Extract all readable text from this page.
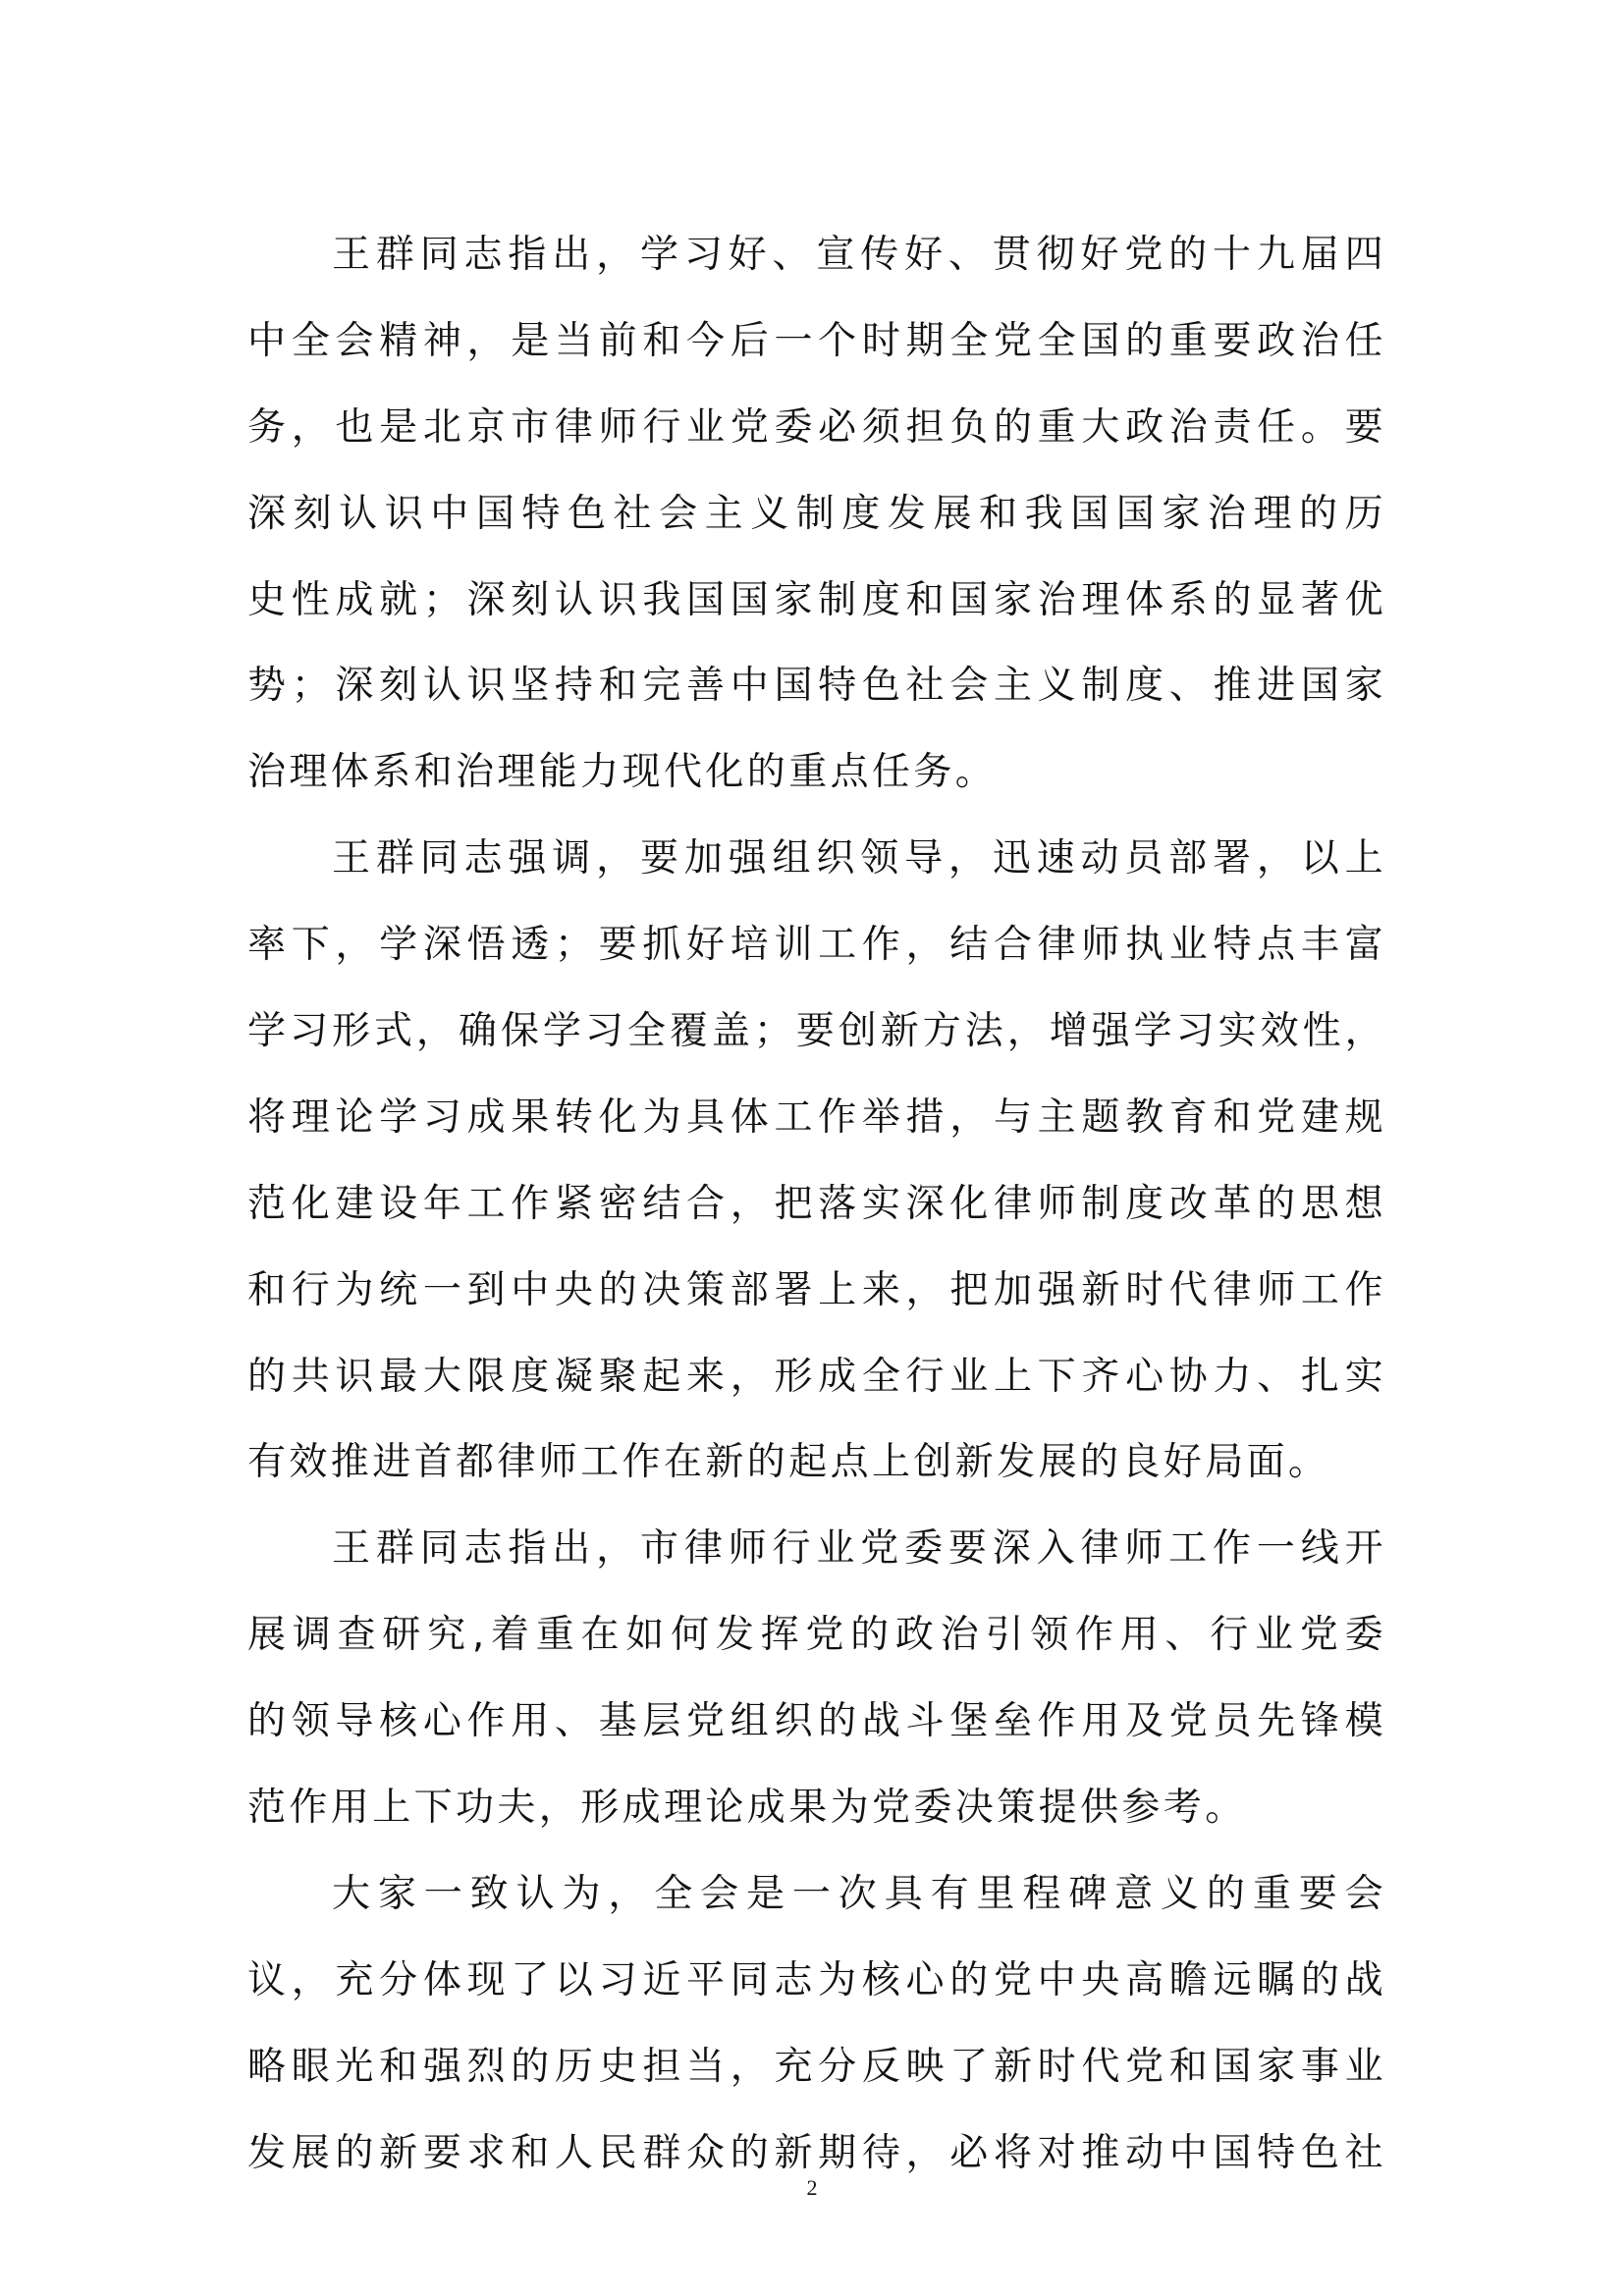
王群同志指出，学习好、宣传好、贯彻好党的十九届四
中全会精神，是当前和今后一个时期全党全国的重要政治任
务，也是北京市律师行业党委必须担负的重大政治责任。要
深刻认识中国特色社会主义制度发展和我国国家治理的历
史性成就；深刻认识我国国家制度和国家治理体系的显著优
势；深刻认识坚持和完善中国特色社会主义制度、推进国家
治理体系和治理能力现代化的重点任务。
王群同志强调，要加强组织领导，迅速动员部署，以上
率下，学深悟透；要抓好培训工作，结合律师执业特点丰富
学习形式，确保学习全覆盖；要创新方法，增强学习实效性，
将理论学习成果转化为具体工作举措，与主题教育和党建规
范化建设年工作紧密结合，把落实深化律师制度改革的思想
和行为统一到中央的决策部署上来，把加强新时代律师工作
的共识最大限度凝聚起来，形成全行业上下齐心协力、扎实
有效推进首都律师工作在新的起点上创新发展的良好局面。
王群同志指出，市律师行业党委要深入律师工作一线开
展调查研究,着重在如何发挥党的政治引领作用、行业党委
的领导核心作用、基层党组织的战斗堡垒作用及党员先锋模
范作用上下功夫，形成理论成果为党委决策提供参考。
大家一致认为，全会是一次具有里程碑意义的重要会
议，充分体现了以习近平同志为核心的党中央高瞻远瞩的战
略眼光和强烈的历史担当，充分反映了新时代党和国家事业
发展的新要求和人民群众的新期待，必将对推动中国特色社
2
